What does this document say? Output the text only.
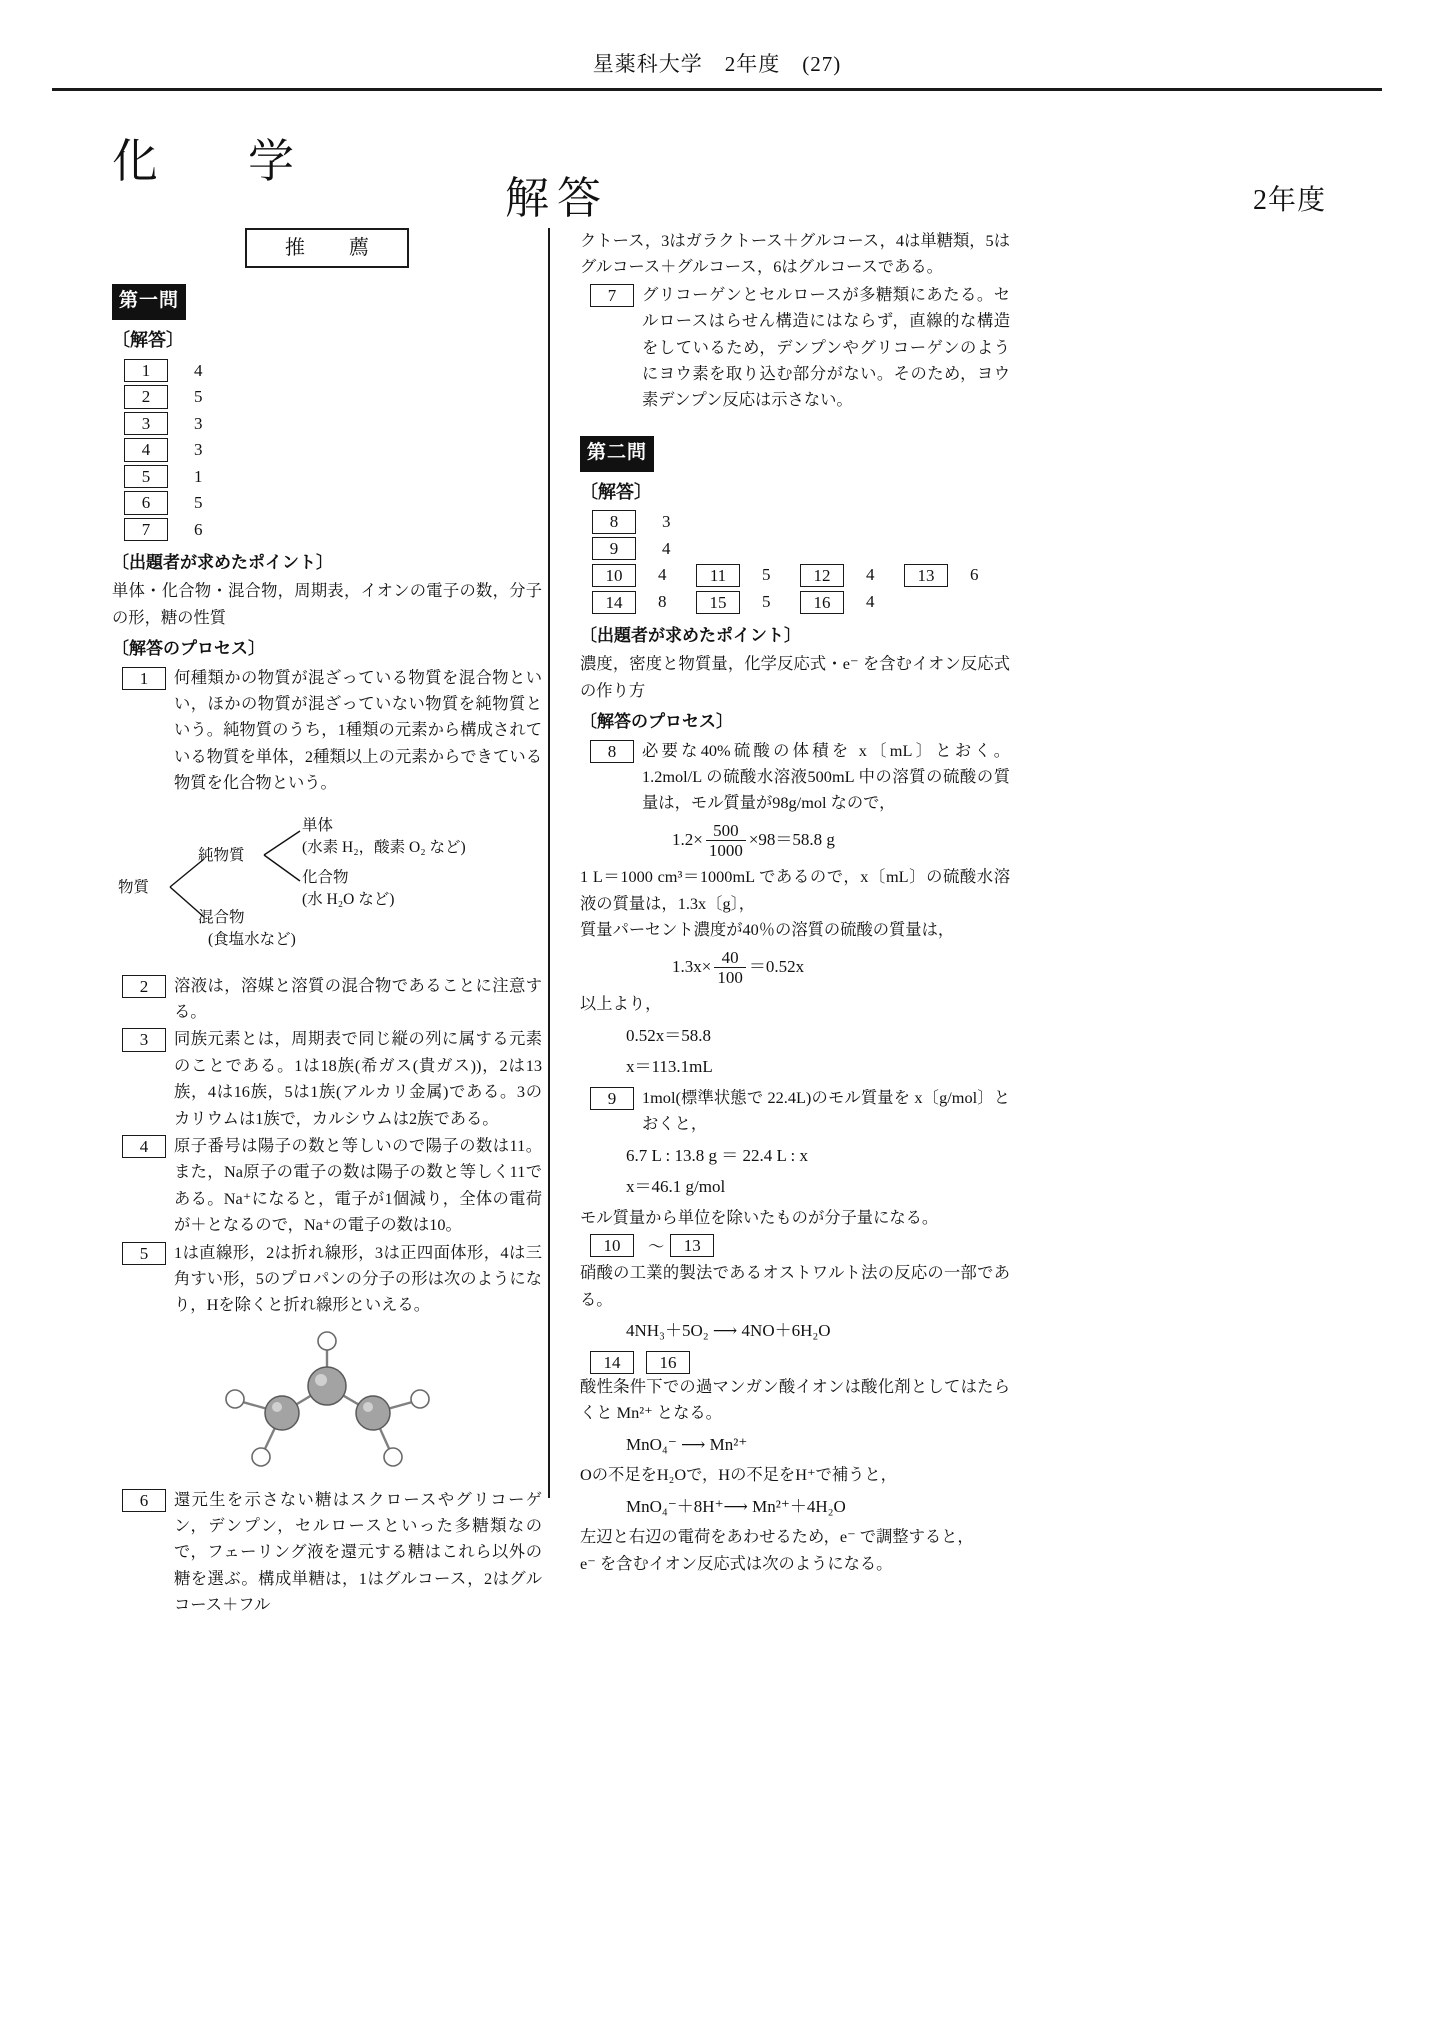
星薬科大学　2年度　(27)
化　学
解答	2年度
推　薦
第一問
〔解答〕
1	4
2	5
3	3
4	3
5	1
6	5
7	6
〔出題者が求めたポイント〕

単体・化合物・混合物，周期表，イオンの電子の数，分子の形，糖の性質

〔解答のプロセス〕
1	何種類かの物質が混ざっている物質を混合物といい，ほかの物質が混ざっていない物質を純物質という。純物質のうち，1種類の元素から構成されている物質を単体，2種類以上の元素からできている物質を化合物という。
物質
純物質
混合物
単体
(水素 H₂，酸素 O₂ など)
化合物
(水 H₂O など)
(食塩水など)
2	溶液は，溶媒と溶質の混合物であることに注意する。
3	同族元素とは，周期表で同じ縦の列に属する元素のことである。1は18族(希ガス(貴ガス))，2は13族，4は16族，5は1族(アルカリ金属)である。3のカリウムは1族で，カルシウムは2族である。
4	原子番号は陽子の数と等しいので陽子の数は11。また，Na原子の電子の数は陽子の数と等しく11である。Na⁺になると，電子が1個減り，全体の電荷が＋となるので，Na⁺の電子の数は10。
5	1は直線形，2は折れ線形，3は正四面体形，4は三角すい形，5のプロパンの分子の形は次のようになり，Hを除くと折れ線形といえる。
6	還元生を示さない糖はスクロースやグリコーゲン，デンプン，セルロースといった多糖類なので，フェーリング液を還元する糖はこれら以外の糖を選ぶ。構成単糖は，1はグルコース，2はグルコース＋フル

クトース，3はガラクトース＋グルコース，4は単糖類，5はグルコース＋グルコース，6はグルコースである。

7	グリコーゲンとセルロースが多糖類にあたる。セルロースはらせん構造にはならず，直線的な構造をしているため，デンプンやグリコーゲンのようにヨウ素を取り込む部分がない。そのため，ヨウ素デンプン反応は示さない。
第二問
〔解答〕
8	3
9	4
10	4	11	5	12	4	13	6
14	8	15	5	16	4
〔出題者が求めたポイント〕

濃度，密度と物質量，化学反応式・e⁻ を含むイオン反応式の作り方

〔解答のプロセス〕
8	必要な40%硫酸の体積を x〔mL〕とおく。1.2mol/L の硫酸水溶液500mL 中の溶質の硫酸の質量は，モル質量が98g/mol なので，
$1.2\times \frac{500}{1000} \times 98=58.8$ g

1 L＝1000 cm³＝1000mL であるので，x〔mL〕の硫酸水溶液の質量は，1.3x〔g〕，

質量パーセント濃度が40％の溶質の硫酸の質量は，

$1.3x\times \frac{40}{100} =0.52x$

以上より，

0.52x＝58.8
x＝113.1mL
9	1mol(標準状態で 22.4L)のモル質量を x〔g/mol〕とおくと，
6.7 L : 13.8 g ＝ 22.4 L : x
x＝46.1 g/mol

モル質量から単位を除いたものが分子量になる。

10	〜	13

硝酸の工業的製法であるオストワルト法の反応の一部である。

4NH₃＋5O₂ ⟶ 4NO＋6H₂O
14	16

酸性条件下での過マンガン酸イオンは酸化剤としてはたらくと Mn²⁺ となる。

MnO₄⁻ ⟶ Mn²⁺

Oの不足をH₂Oで，Hの不足をH⁺で補うと，

MnO₄⁻＋8H⁺⟶ Mn²⁺＋4H₂O

左辺と右辺の電荷をあわせるため，e⁻ で調整すると，

e⁻ を含むイオン反応式は次のようになる。
